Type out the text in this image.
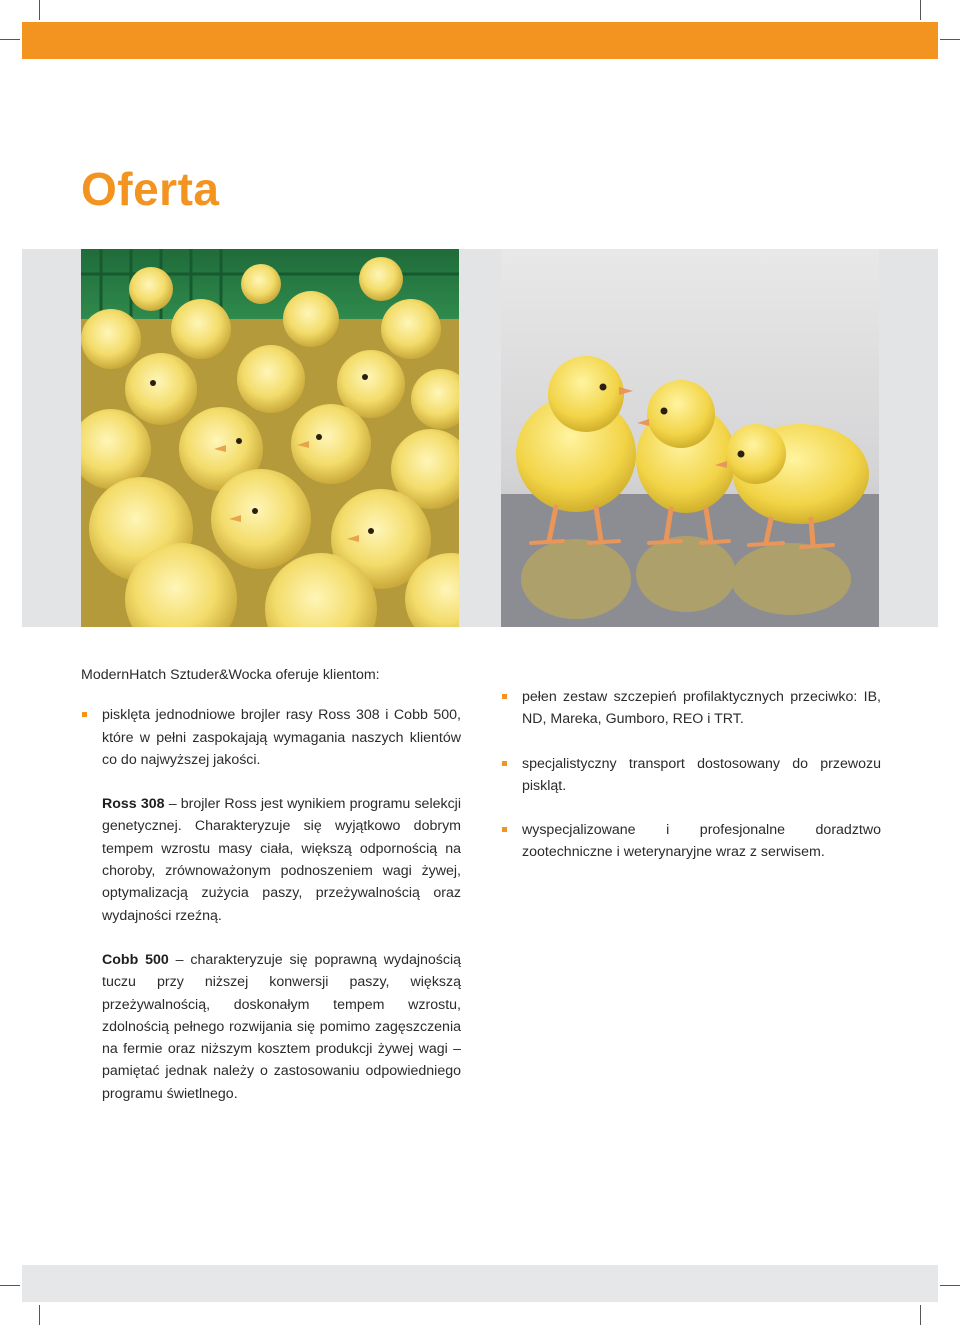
Oferta

ModernHatch Sztuder&Wocka oferuje klientom:

pisklęta jednodniowe brojler rasy Ross 308 i Cobb 500, które w pełni zaspokajają wymagania naszych klientów co do najwyższej jakości.

Ross 308 – brojler Ross jest wynikiem programu selekcji genetycznej. Charakteryzuje się wyjątkowo dobrym tempem wzrostu masy ciała, większą odpornością na choroby, zrównoważonym podnoszeniem wagi żywej, optymalizacją zużycia paszy, przeżywalnością oraz wydajności rzeźną.

Cobb 500 – charakteryzuje się poprawną wydajnością tuczu przy niższej konwersji paszy, większą przeżywalnością, doskonałym tempem wzrostu, zdolnością pełnego rozwijania się pomimo zagęszczenia na fermie oraz niższym kosztem produkcji żywej wagi – pamiętać jednak należy o zastosowaniu odpowiedniego programu świetlnego.

pełen zestaw szczepień profilaktycznych przeciwko: IB, ND, Mareka, Gumboro, REO i TRT.

specjalistyczny transport dostosowany do przewozu piskląt.

wyspecjalizowane i profesjonalne doradztwo zootechniczne i weterynaryjne wraz z serwisem.
